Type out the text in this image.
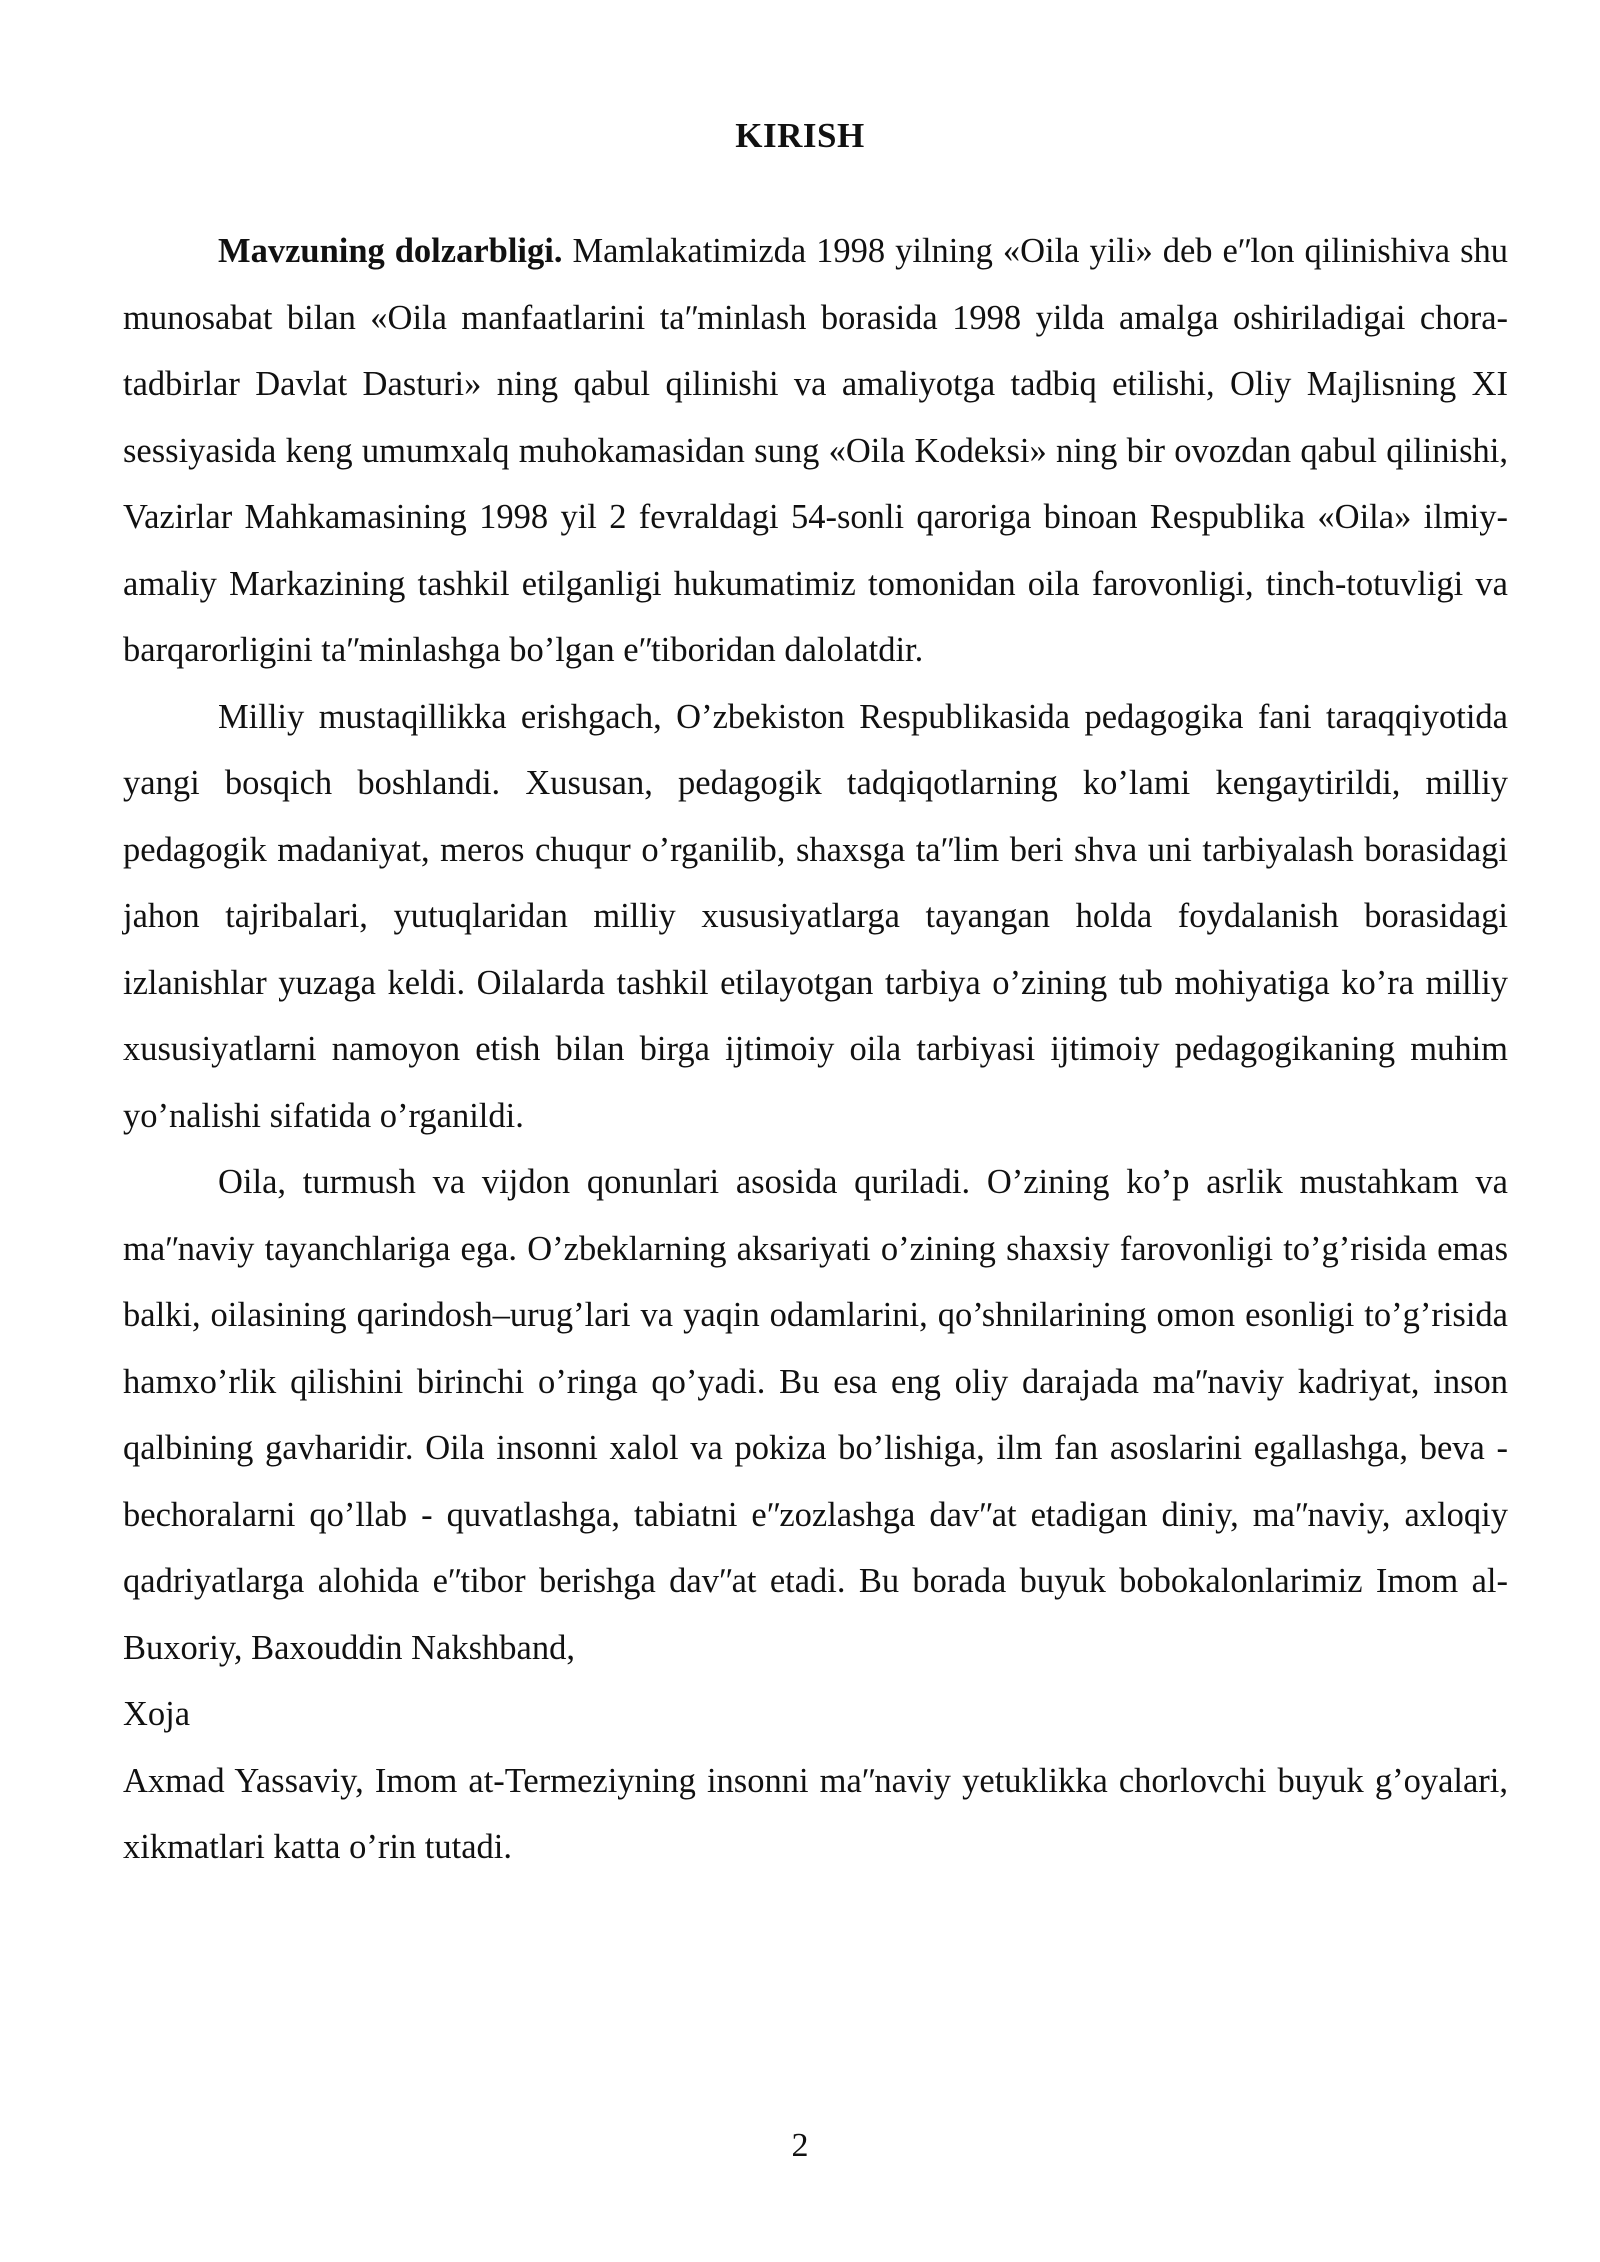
KIRISH

Mavzuning dolzarbligi. Mamlakatimizda 1998 yilning «Oila yili» deb eʺlon qilinishiva shu munosabat bilan «Oila manfaatlarini taʺminlash borasida 1998 yilda amalga oshiriladigai chora-tadbirlar Davlat Dasturi» ning qabul qilinishi va amaliyotga tadbiq etilishi, Oliy Majlisning XI sessiyasida keng umumxalq muhokamasidan sung «Oila Kodeksi» ning bir ovozdan qabul qilinishi, Vazirlar Mahkamasining 1998 yil 2 fevraldagi 54-sonli qaroriga binoan Respublika «Oila» ilmiy-amaliy Markazining tashkil etilganligi hukumatimiz tomonidan oila farovonligi, tinch-totuvligi va barqarorligini taʺminlashga bo’lgan eʺtiboridan dalolatdir.

Milliy mustaqillikka erishgach, O’zbekiston Respublikasida pedagogika fani taraqqiyotida yangi bosqich boshlandi. Xususan, pedagogik tadqiqotlarning ko’lami kengaytirildi, milliy pedagogik madaniyat, meros chuqur o’rganilib, shaxsga taʺlim beri shva uni tarbiyalash borasidagi jahon tajribalari, yutuqlaridan milliy xususiyatlarga tayangan holda foydalanish borasidagi izlanishlar yuzaga keldi. Oilalarda tashkil etilayotgan tarbiya o’zining tub mohiyatiga ko’ra milliy xususiyatlarni namoyon etish bilan birga ijtimoiy oila tarbiyasi ijtimoiy pedagogikaning muhim yo’nalishi sifatida o’rganildi.

Oila, turmush va vijdon qonunlari asosida quriladi. O’zining ko’p asrlik mustahkam va maʺnaviy tayanchlariga ega. O’zbeklarning aksariyati o’zining shaxsiy farovonligi to’g’risida emas balki, oilasining qarindosh–urug’lari va yaqin odamlarini, qo’shnilarining omon esonligi to’g’risida hamxo’rlik qilishini birinchi o’ringa qo’yadi. Bu esa eng oliy darajada maʺnaviy kadriyat, inson qalbining gavharidir. Oila insonni xalol va pokiza bo’lishiga, ilm fan asoslarini egallashga, beva - bechoralarni qo’llab - quvatlashga, tabiatni eʺzozlashga davʺat etadigan diniy, maʺnaviy, axloqiy qadriyatlarga alohida eʺtibor berishga davʺat etadi. Bu borada buyuk bobokalonlarimiz Imom al-Buxoriy, Baxouddin Nakshband,

Xoja

Axmad Yassaviy, Imom at-Termeziyning insonni maʺnaviy yetuklikka chorlovchi buyuk g’oyalari, xikmatlari katta o’rin tutadi.

2
